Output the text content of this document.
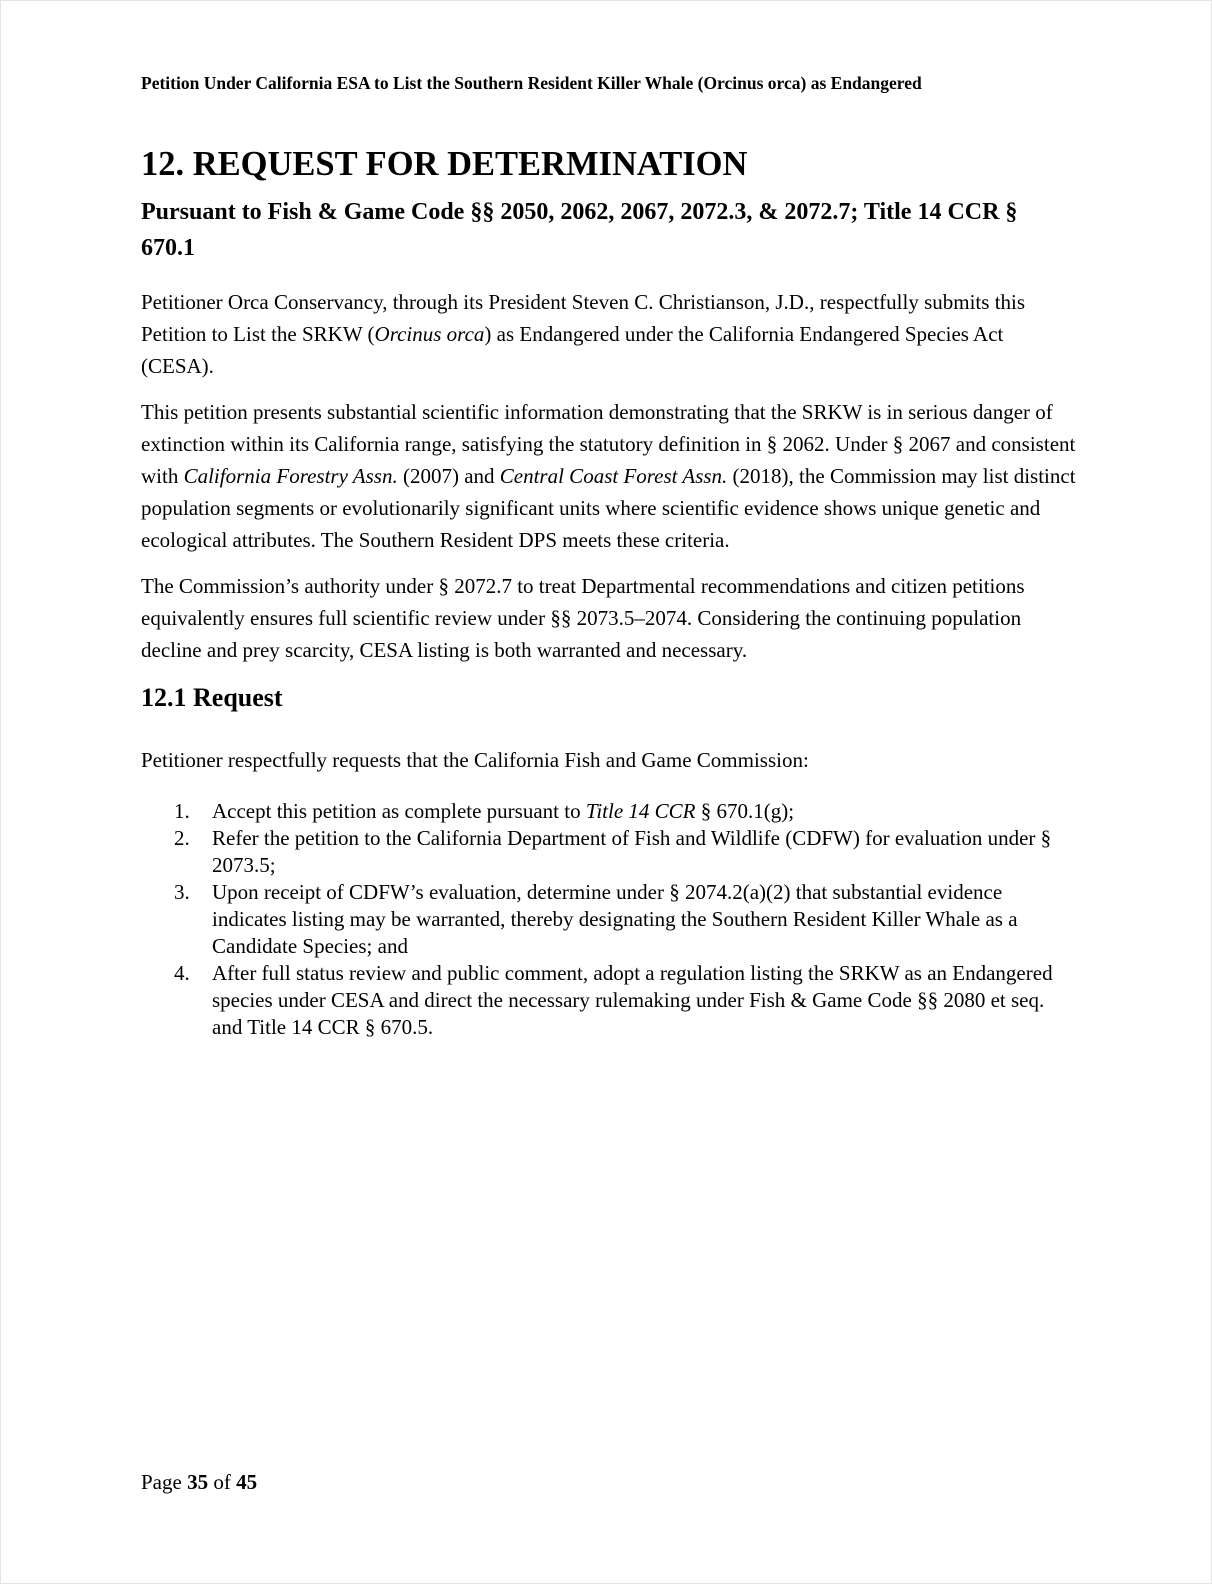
Petition Under California ESA to List the Southern Resident Killer Whale (Orcinus orca) as Endangered
12. REQUEST FOR DETERMINATION
Pursuant to Fish & Game Code §§ 2050, 2062, 2067, 2072.3, & 2072.7; Title 14 CCR § 670.1

Petitioner Orca Conservancy, through its President Steven C. Christianson, J.D., respectfully submits this Petition to List the SRKW (Orcinus orca) as Endangered under the California Endangered Species Act (CESA).

This petition presents substantial scientific information demonstrating that the SRKW is in serious danger of extinction within its California range, satisfying the statutory definition in § 2062. Under § 2067 and consistent with California Forestry Assn. (2007) and Central Coast Forest Assn. (2018), the Commission may list distinct population segments or evolutionarily significant units where scientific evidence shows unique genetic and ecological attributes. The Southern Resident DPS meets these criteria.

The Commission’s authority under § 2072.7 to treat Departmental recommendations and citizen petitions equivalently ensures full scientific review under §§ 2073.5–2074. Considering the continuing population decline and prey scarcity, CESA listing is both warranted and necessary.

12.1 Request

Petitioner respectfully requests that the California Fish and Game Commission:

1. Accept this petition as complete pursuant to Title 14 CCR § 670.1(g);
2. Refer the petition to the California Department of Fish and Wildlife (CDFW) for evaluation under § 2073.5;
3. Upon receipt of CDFW’s evaluation, determine under § 2074.2(a)(2) that substantial evidence indicates listing may be warranted, thereby designating the Southern Resident Killer Whale as a Candidate Species; and
4. After full status review and public comment, adopt a regulation listing the SRKW as an Endangered species under CESA and direct the necessary rulemaking under Fish & Game Code §§ 2080 et seq. and Title 14 CCR § 670.5.
Page 35 of 45
